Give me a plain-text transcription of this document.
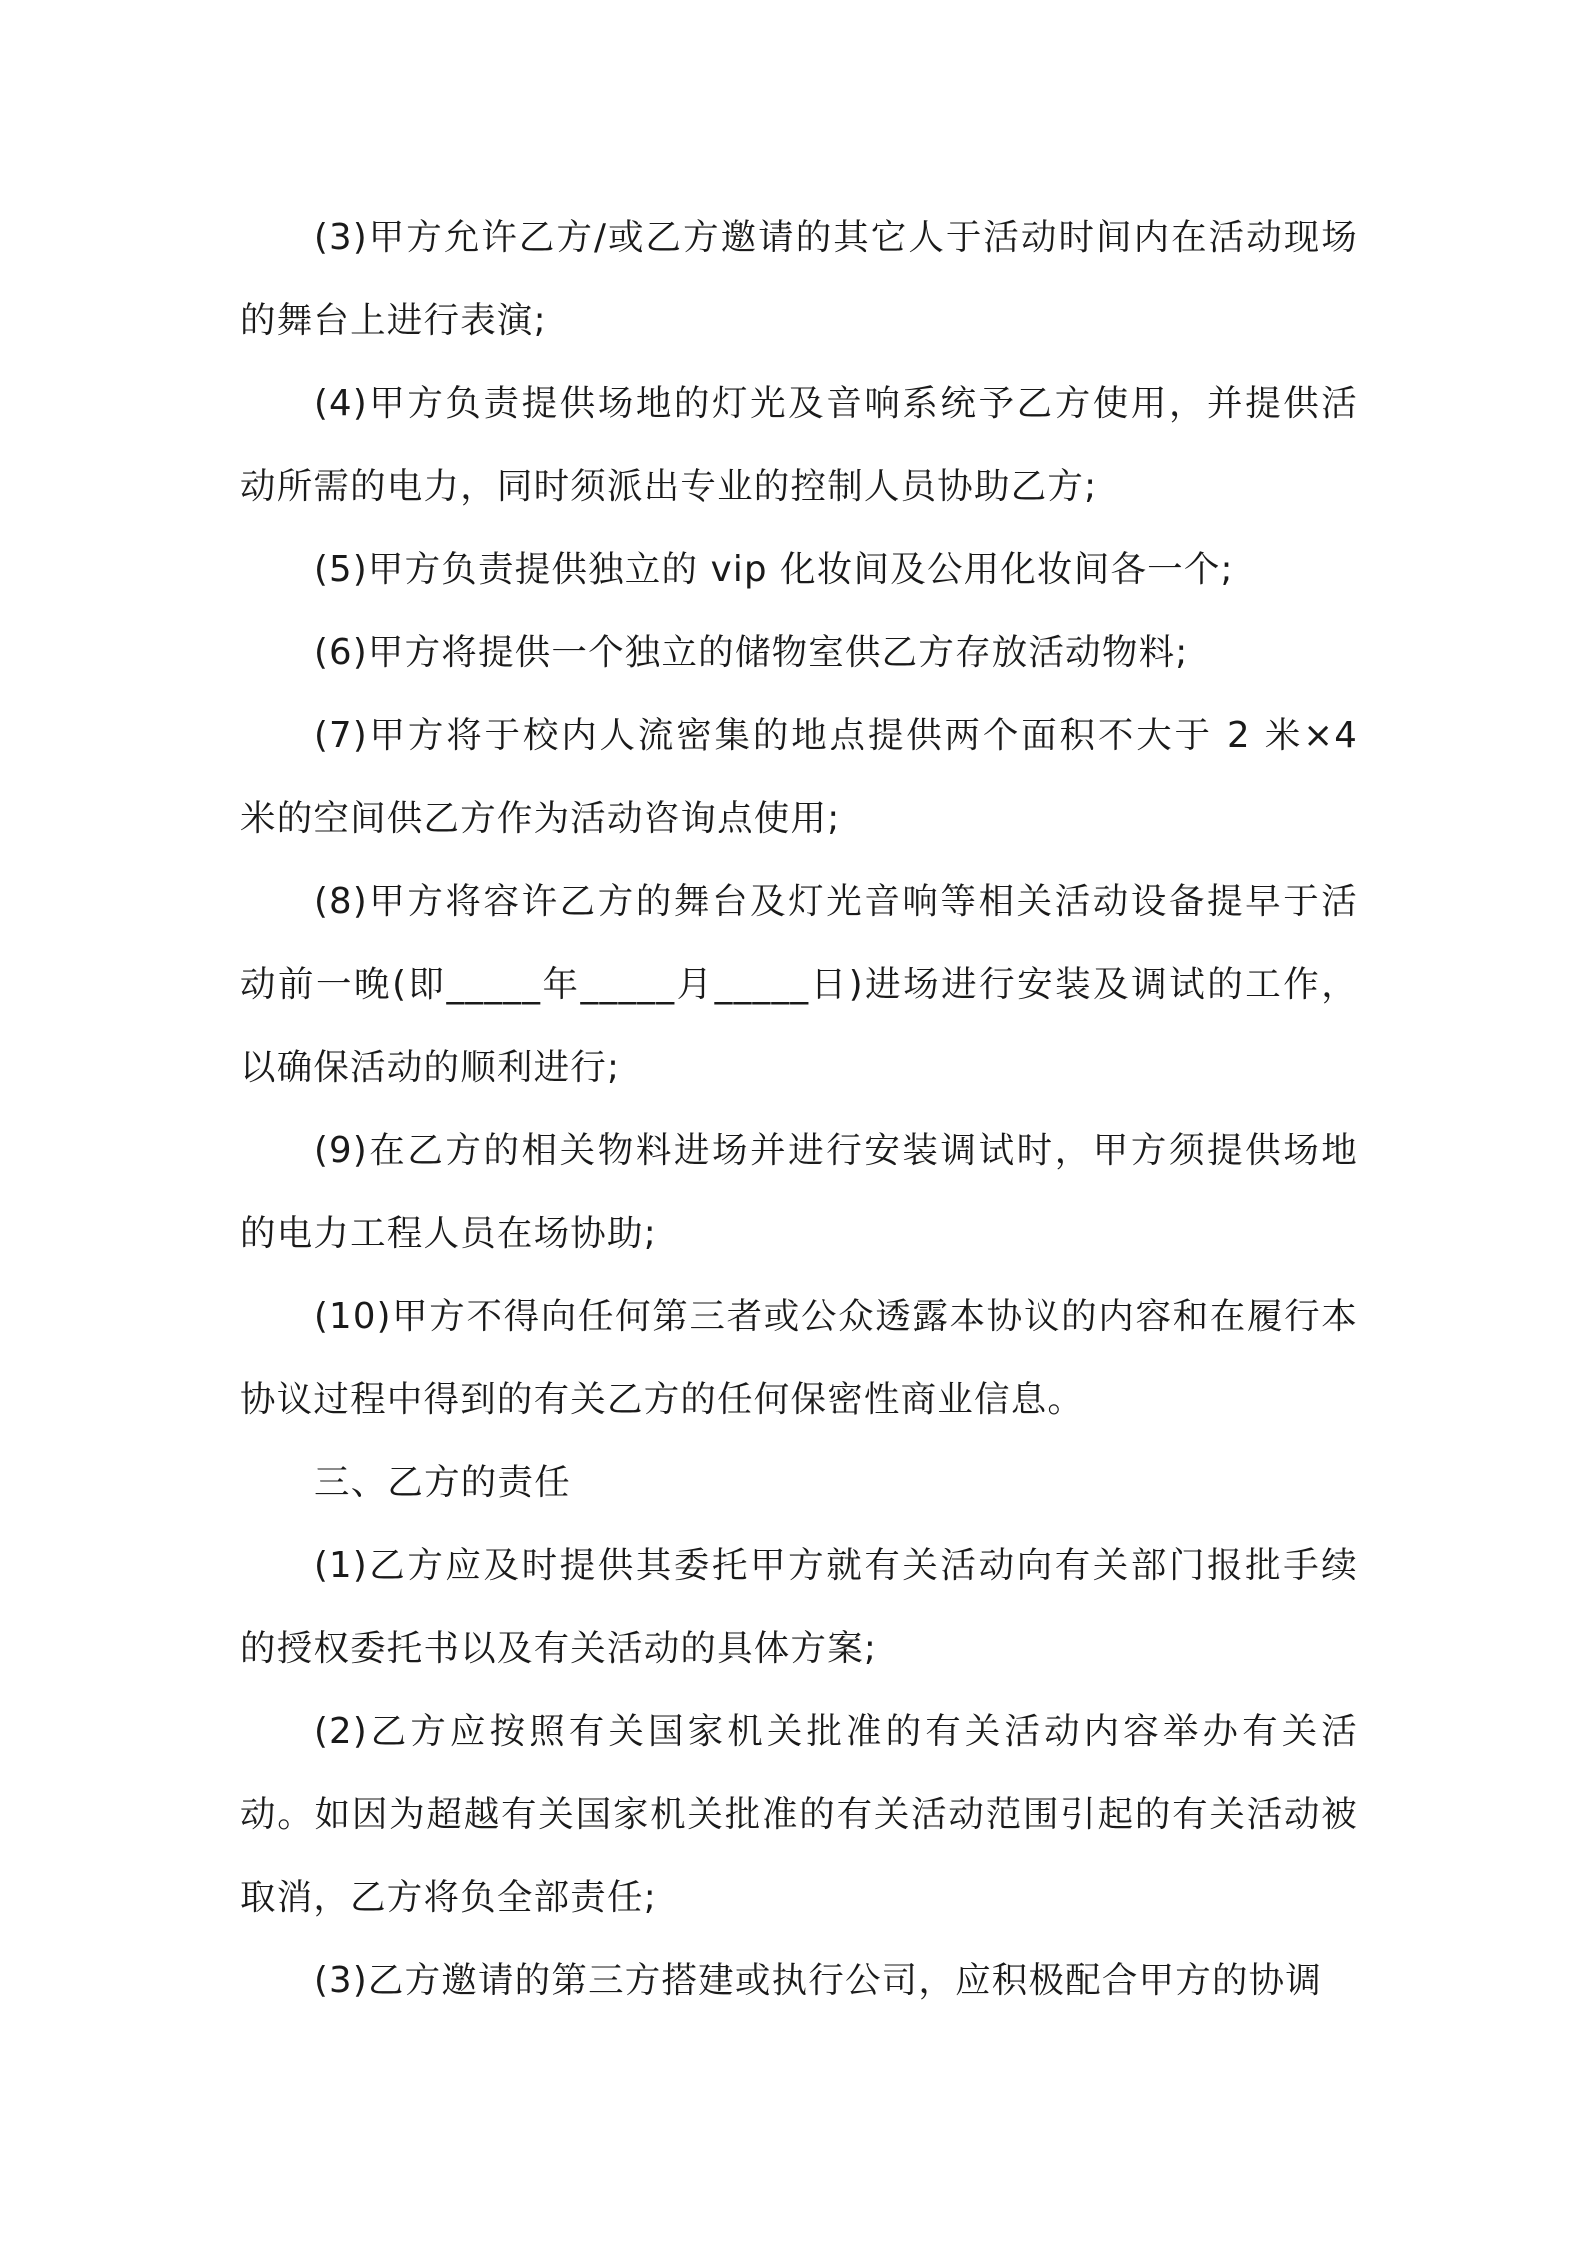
(3)甲方允许乙方/或乙方邀请的其它人于活动时间内在活动现场的舞台上进行表演;

(4)甲方负责提供场地的灯光及音响系统予乙方使用，并提供活动所需的电力，同时须派出专业的控制人员协助乙方;

(5)甲方负责提供独立的 vip 化妆间及公用化妆间各一个;

(6)甲方将提供一个独立的储物室供乙方存放活动物料;

(7)甲方将于校内人流密集的地点提供两个面积不大于 2 米×4 米的空间供乙方作为活动咨询点使用;

(8)甲方将容许乙方的舞台及灯光音响等相关活动设备提早于活动前一晚(即_____年_____月_____日)进场进行安装及调试的工作，以确保活动的顺利进行;

(9)在乙方的相关物料进场并进行安装调试时，甲方须提供场地的电力工程人员在场协助;

(10)甲方不得向任何第三者或公众透露本协议的内容和在履行本协议过程中得到的有关乙方的任何保密性商业信息。

三、乙方的责任

(1)乙方应及时提供其委托甲方就有关活动向有关部门报批手续的授权委托书以及有关活动的具体方案;

(2)乙方应按照有关国家机关批准的有关活动内容举办有关活动。如因为超越有关国家机关批准的有关活动范围引起的有关活动被取消，乙方将负全部责任;

(3)乙方邀请的第三方搭建或执行公司，应积极配合甲方的协调
